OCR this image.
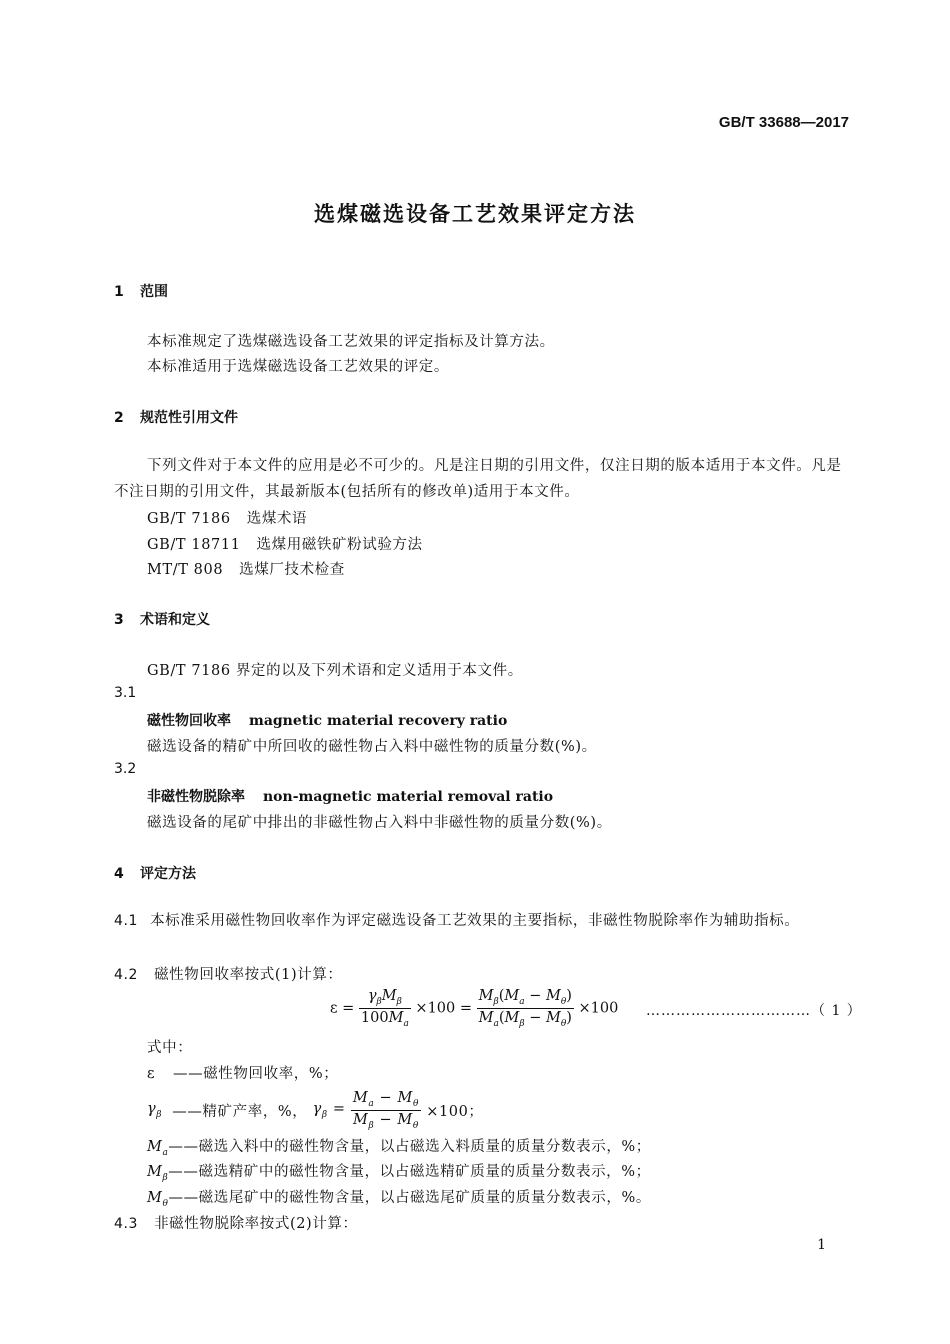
GB/T 33688—2017
选煤磁选设备工艺效果评定方法
1 范围
本标准规定了选煤磁选设备工艺效果的评定指标及计算方法。
本标准适用于选煤磁选设备工艺效果的评定。
2 规范性引用文件
下列文件对于本文件的应用是必不可少的。凡是注日期的引用文件，仅注日期的版本适用于本文件。凡是不注日期的引用文件，其最新版本(包括所有的修改单)适用于本文件。
GB/T 7186 选煤术语
GB/T 18711 选煤用磁铁矿粉试验方法
MT/T 808 选煤厂技术检查
3 术语和定义
GB/T 7186 界定的以及下列术语和定义适用于本文件。
3.1
磁性物回收率 magnetic material recovery ratio
磁选设备的精矿中所回收的磁性物占入料中磁性物的质量分数(%)。
3.2
非磁性物脱除率 non-magnetic material removal ratio
磁选设备的尾矿中排出的非磁性物占入料中非磁性物的质量分数(%)。
4 评定方法
4.1 本标准采用磁性物回收率作为评定磁选设备工艺效果的主要指标，非磁性物脱除率作为辅助指标。
4.2 磁性物回收率按式(1)计算：
$\varepsilon = \frac{\gamma_\beta M_\beta}{100M_a} \times 100 = \frac{M_\beta(M_a - M_\theta)}{M_a(M_\beta - M_\theta)} \times 100$ ……………………………（ 1 ）
式中：
ε ——磁性物回收率，%；
$\gamma_\beta$ ——精矿产率，%， $\gamma_\beta = \frac{M_a - M_\theta}{M_\beta - M_\theta} \times 100$；
$M_a——$磁选入料中的磁性物含量，以占磁选入料质量的质量分数表示，%；
$M_\beta——$磁选精矿中的磁性物含量，以占磁选精矿质量的质量分数表示，%；
$M_\theta——$磁选尾矿中的磁性物含量，以占磁选尾矿质量的质量分数表示，%。
4.3 非磁性物脱除率按式(2)计算：
1
